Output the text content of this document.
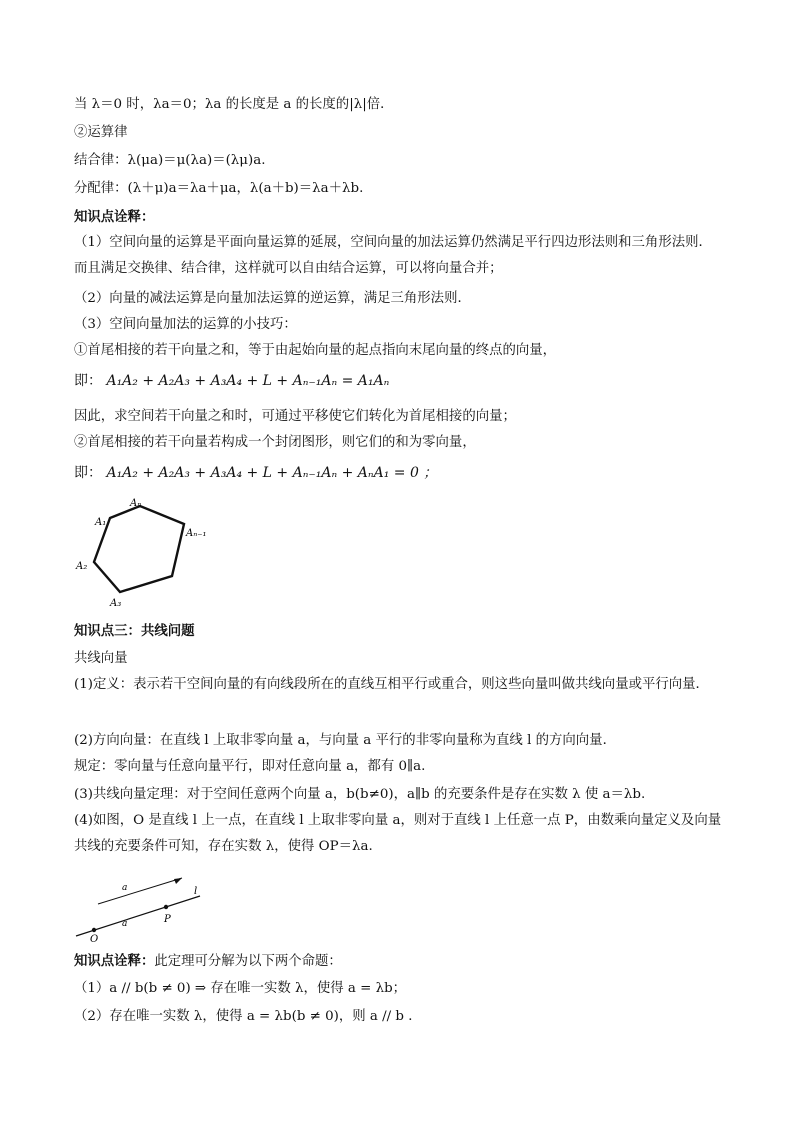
当 λ＝0 时，λa＝0；λa 的长度是 a 的长度的|λ|倍．
②运算律
结合律：λ(μa)＝μ(λa)＝(λμ)a.
分配律：(λ＋μ)a＝λa＋μa，λ(a＋b)＝λa＋λb.
知识点诠释：
（1）空间向量的运算是平面向量运算的延展，空间向量的加法运算仍然满足平行四边形法则和三角形法则．而且满足交换律、结合律，这样就可以自由结合运算，可以将向量合并；
（2）向量的减法运算是向量加法运算的逆运算，满足三角形法则．
（3）空间向量加法的运算的小技巧：
①首尾相接的若干向量之和，等于由起始向量的起点指向末尾向量的终点的向量，
即： A₁A₂ + A₂A₃ + A₃A₄ + L + Aₙ₋₁Aₙ = A₁Aₙ
因此，求空间若干向量之和时，可通过平移使它们转化为首尾相接的向量；
②首尾相接的若干向量若构成一个封闭图形，则它们的和为零向量，
即： A₁A₂ + A₂A₃ + A₃A₄ + L + Aₙ₋₁Aₙ + AₙA₁ = 0 ；
A₁
A₂
A₃
Aₙ
Aₙ₋₁
知识点三：共线问题
共线向量
(1)定义：表示若干空间向量的有向线段所在的直线互相平行或重合，则这些向量叫做共线向量或平行向量．
(2)方向向量：在直线 l 上取非零向量 a，与向量 a 平行的非零向量称为直线 l 的方向向量．
规定：零向量与任意向量平行，即对任意向量 a，都有 0∥a.
(3)共线向量定理：对于空间任意两个向量 a，b(b≠0)，a∥b 的充要条件是存在实数 λ 使 a＝λb.
(4)如图，O 是直线 l 上一点，在直线 l 上取非零向量 a，则对于直线 l 上任意一点 P，由数乘向量定义及向量共线的充要条件可知，存在实数 λ，使得 OP＝λa.
a	l
P
a
O
知识点诠释：此定理可分解为以下两个命题：
（1）a // b(b ≠ 0) ⇒ 存在唯一实数 λ，使得 a = λb；
（2）存在唯一实数 λ，使得 a = λb(b ≠ 0)，则 a // b ．
